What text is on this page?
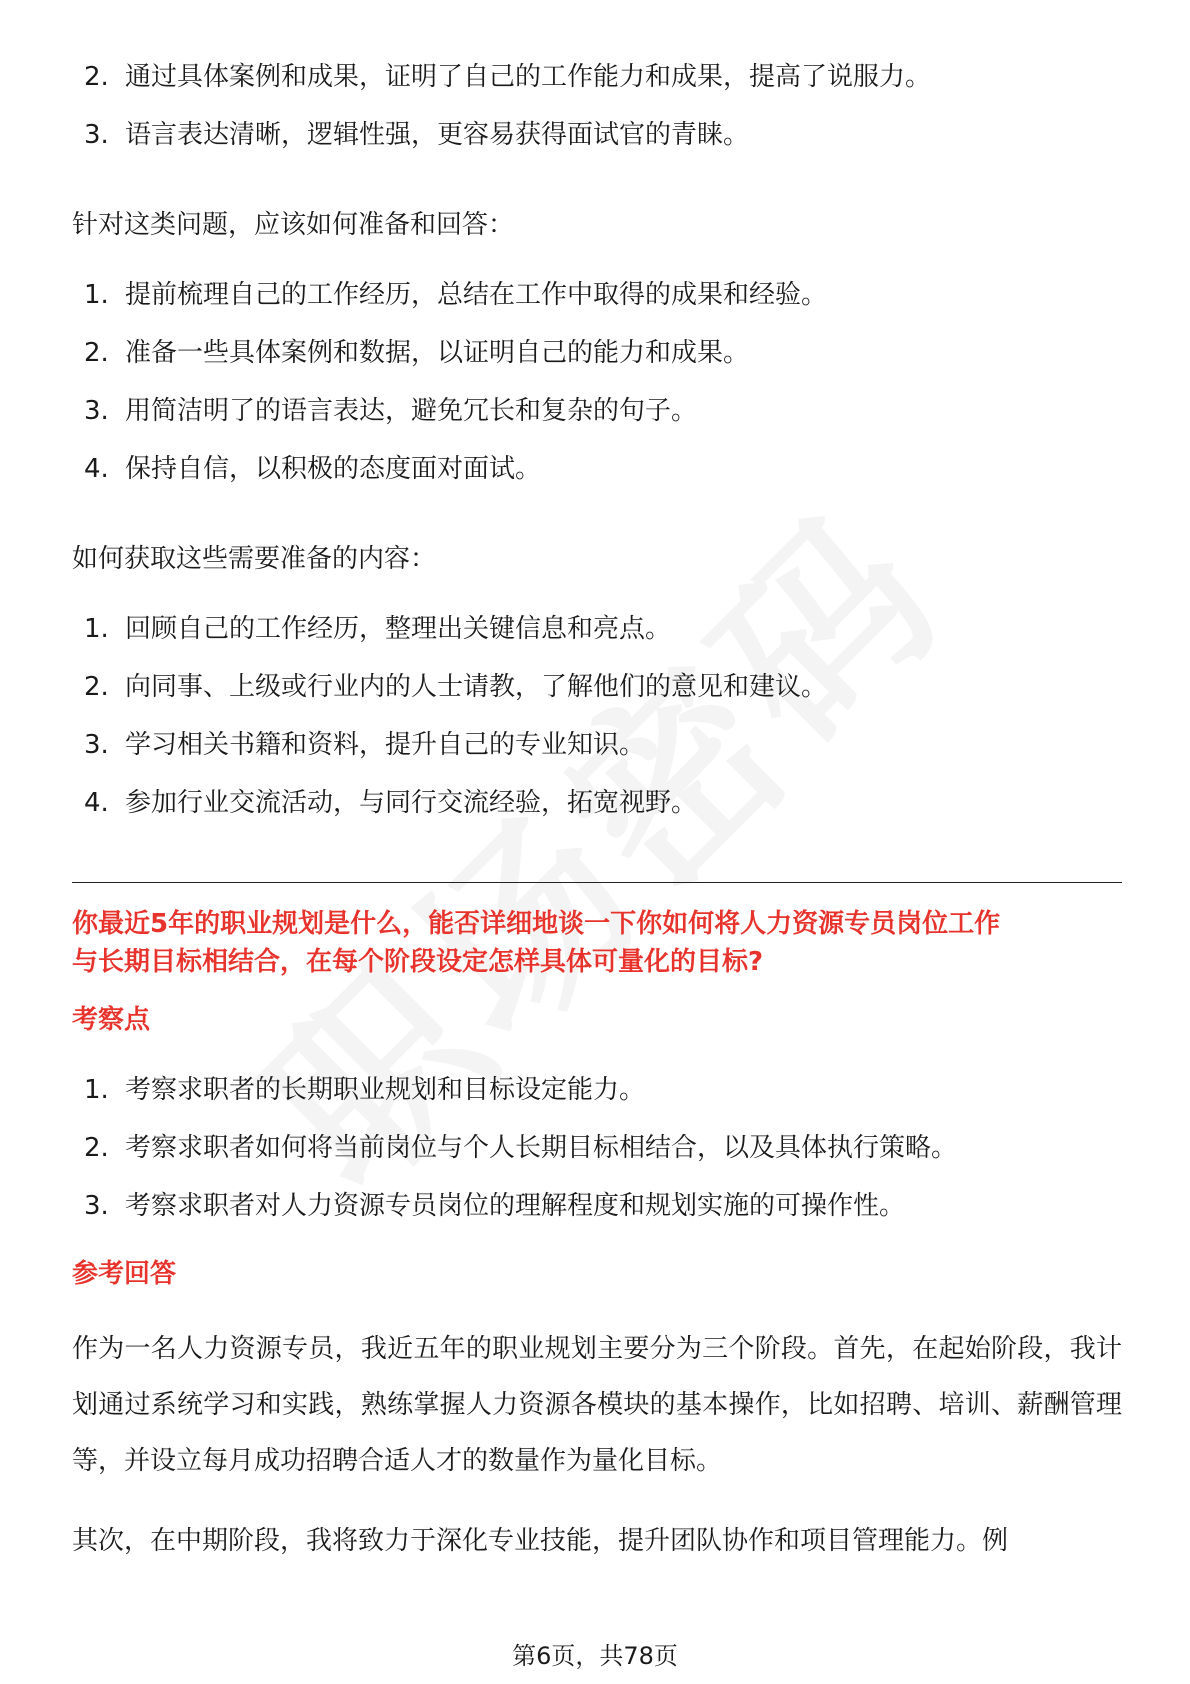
2. 通过具体案例和成果，证明了自己的工作能力和成果，提高了说服力。
3. 语言表达清晰，逻辑性强，更容易获得面试官的青睐。

针对这类问题，应该如何准备和回答：

1. 提前梳理自己的工作经历，总结在工作中取得的成果和经验。
2. 准备一些具体案例和数据，以证明自己的能力和成果。
3. 用简洁明了的语言表达，避免冗长和复杂的句子。
4. 保持自信，以积极的态度面对面试。

如何获取这些需要准备的内容：

1. 回顾自己的工作经历，整理出关键信息和亮点。
2. 向同事、上级或行业内的人士请教，了解他们的意见和建议。
3. 学习相关书籍和资料，提升自己的专业知识。
4. 参加行业交流活动，与同行交流经验，拓宽视野。

你最近5年的职业规划是什么，能否详细地谈一下你如何将人力资源专员岗位工作
与长期目标相结合，在每个阶段设定怎样具体可量化的目标?

考察点

1. 考察求职者的长期职业规划和目标设定能力。
2. 考察求职者如何将当前岗位与个人长期目标相结合，以及具体执行策略。
3. 考察求职者对人力资源专员岗位的理解程度和规划实施的可操作性。

参考回答

作为一名人力资源专员，我近五年的职业规划主要分为三个阶段。首先，在起始阶段，我计划通过系统学习和实践，熟练掌握人力资源各模块的基本操作，比如招聘、培训、薪酬管理等，并设立每月成功招聘合适人才的数量作为量化目标。

其次，在中期阶段，我将致力于深化专业技能，提升团队协作和项目管理能力。例

第6页，共78页
